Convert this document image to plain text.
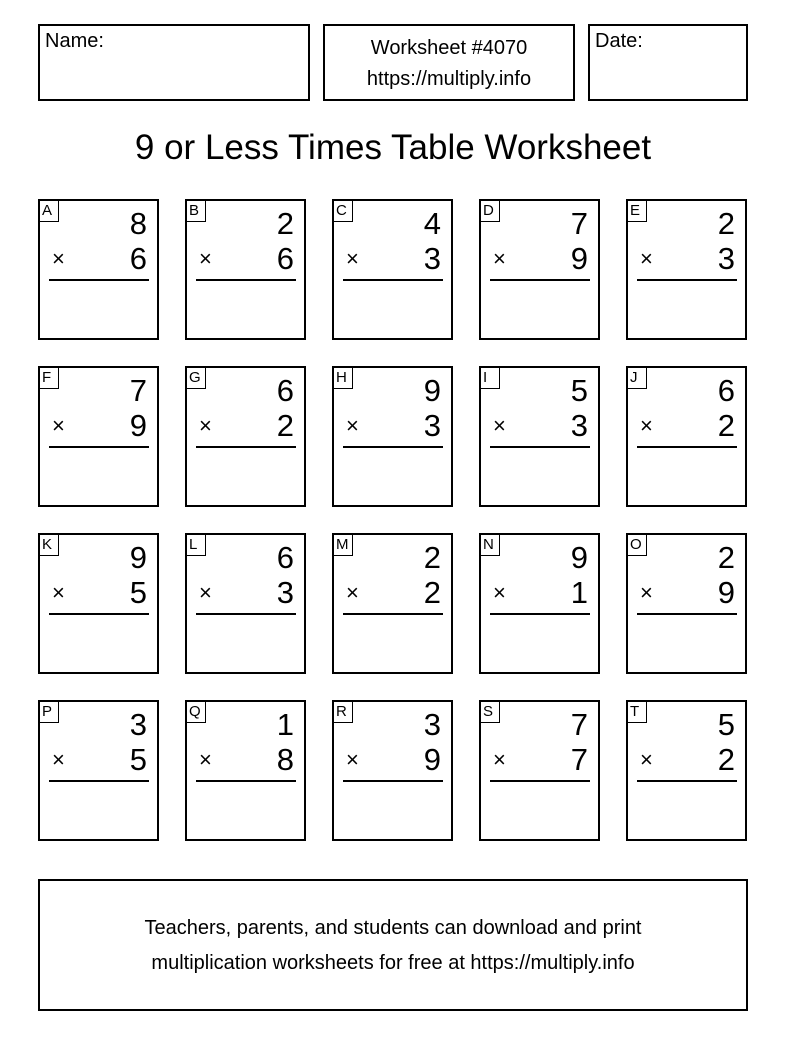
Name:	Worksheet #4070
https://multiply.info
Date:
9 or Less Times Table Worksheet
A	8
× 6
B	2
× 6
C 4
× 3
D 7
× 9
E	2
× 3
F	7
× 9
G 6
× 2
H 9
× 3
I	5
× 3
J	6
× 2
K	9
× 5
L	6
× 3
M 2
× 2
N 9
× 1
O 2
× 9
P	3
× 5
Q 1
× 8
R 3
× 9
S	7
× 7
T	5
× 2
Teachers, parents, and students can download and print
multiplication worksheets for free at https://multiply.info
